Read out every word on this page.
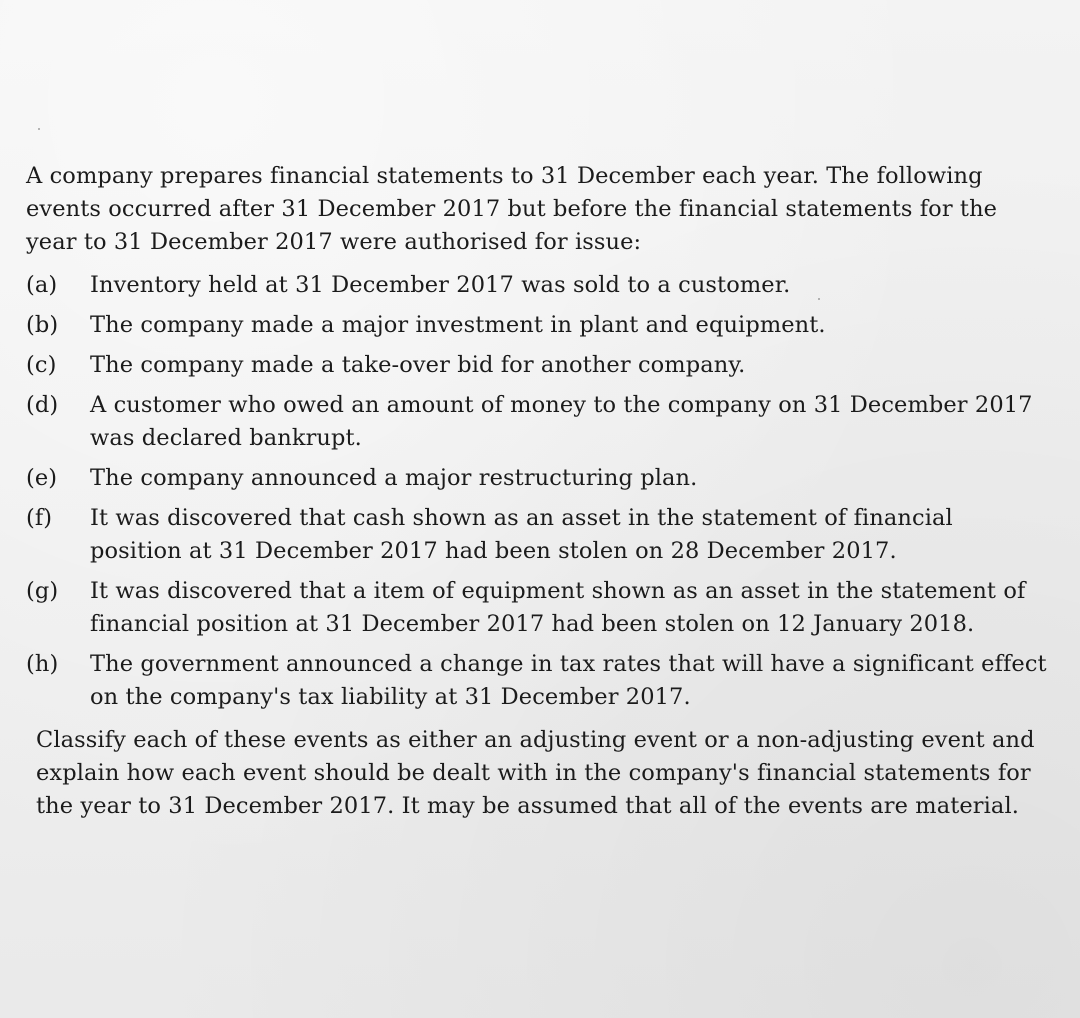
A company prepares financial statements to 31 December each year. The following events occurred after 31 December 2017 but before the financial statements for the year to 31 December 2017 were authorised for issue:

(a)	Inventory held at 31 December 2017 was sold to a customer.
(b)	The company made a major investment in plant and equipment.
(c)	The company made a take-over bid for another company.
(d)	A customer who owed an amount of money to the company on 31 December 2017 was declared bankrupt.
(e)	The company announced a major restructuring plan.
(f)	It was discovered that cash shown as an asset in the statement of financial position at 31 December 2017 had been stolen on 28 December 2017.
(g)	It was discovered that a item of equipment shown as an asset in the statement of financial position at 31 December 2017 had been stolen on 12 January 2018.
(h)	The government announced a change in tax rates that will have a significant effect on the company's tax liability at 31 December 2017.

Classify each of these events as either an adjusting event or a non-adjusting event and explain how each event should be dealt with in the company's financial statements for the year to 31 December 2017. It may be assumed that all of the events are material.
